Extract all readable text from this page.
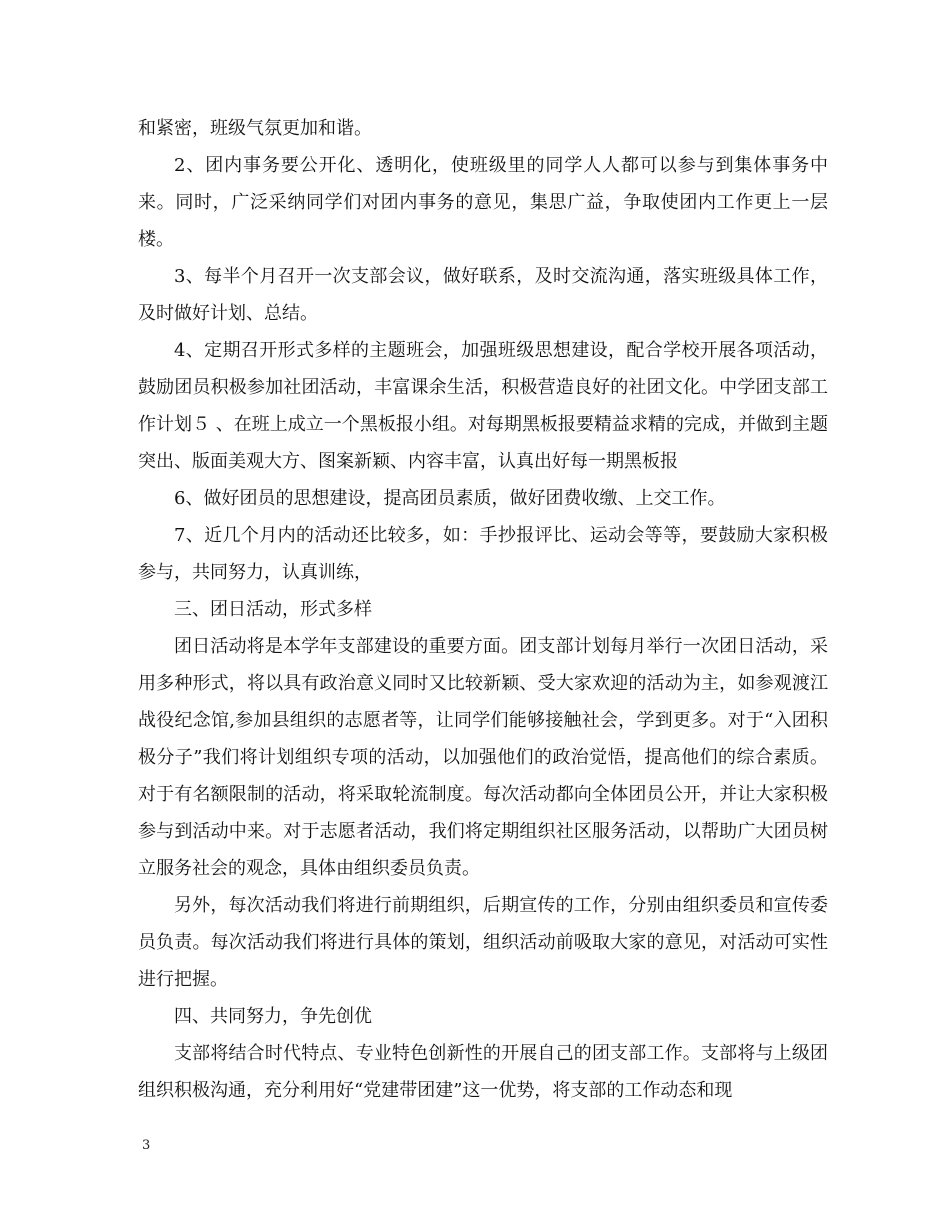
和紧密，班级气氛更加和谐。

2、团内事务要公开化、透明化，使班级里的同学人人都可以参与到集体事务中来。同时，广泛采纳同学们对团内事务的意见，集思广益，争取使团内工作更上一层楼。

3、每半个月召开一次支部会议，做好联系，及时交流沟通，落实班级具体工作，及时做好计划、总结。

4、定期召开形式多样的主题班会，加强班级思想建设，配合学校开展各项活动，鼓励团员积极参加社团活动，丰富课余生活，积极营造良好的社团文化。中学团支部工作计划５ 、在班上成立一个黑板报小组。对每期黑板报要精益求精的完成，并做到主题突出、版面美观大方、图案新颖、内容丰富，认真出好每一期黑板报

6、做好团员的思想建设，提高团员素质，做好团费收缴、上交工作。

7、近几个月内的活动还比较多，如：手抄报评比、运动会等等，要鼓励大家积极参与，共同努力，认真训练，

三、团日活动，形式多样

团日活动将是本学年支部建设的重要方面。团支部计划每月举行一次团日活动，采用多种形式，将以具有政治意义同时又比较新颖、受大家欢迎的活动为主，如参观渡江战役纪念馆,参加县组织的志愿者等，让同学们能够接触社会，学到更多。对于“入团积极分子”我们将计划组织专项的活动，以加强他们的政治觉悟，提高他们的综合素质。对于有名额限制的活动，将采取轮流制度。每次活动都向全体团员公开，并让大家积极参与到活动中来。对于志愿者活动，我们将定期组织社区服务活动，以帮助广大团员树立服务社会的观念，具体由组织委员负责。

另外，每次活动我们将进行前期组织，后期宣传的工作，分别由组织委员和宣传委员负责。每次活动我们将进行具体的策划，组织活动前吸取大家的意见，对活动可实性进行把握。

四、共同努力，争先创优

支部将结合时代特点、专业特色创新性的开展自己的团支部工作。支部将与上级团组织积极沟通，充分利用好“党建带团建”这一优势，将支部的工作动态和现

3
